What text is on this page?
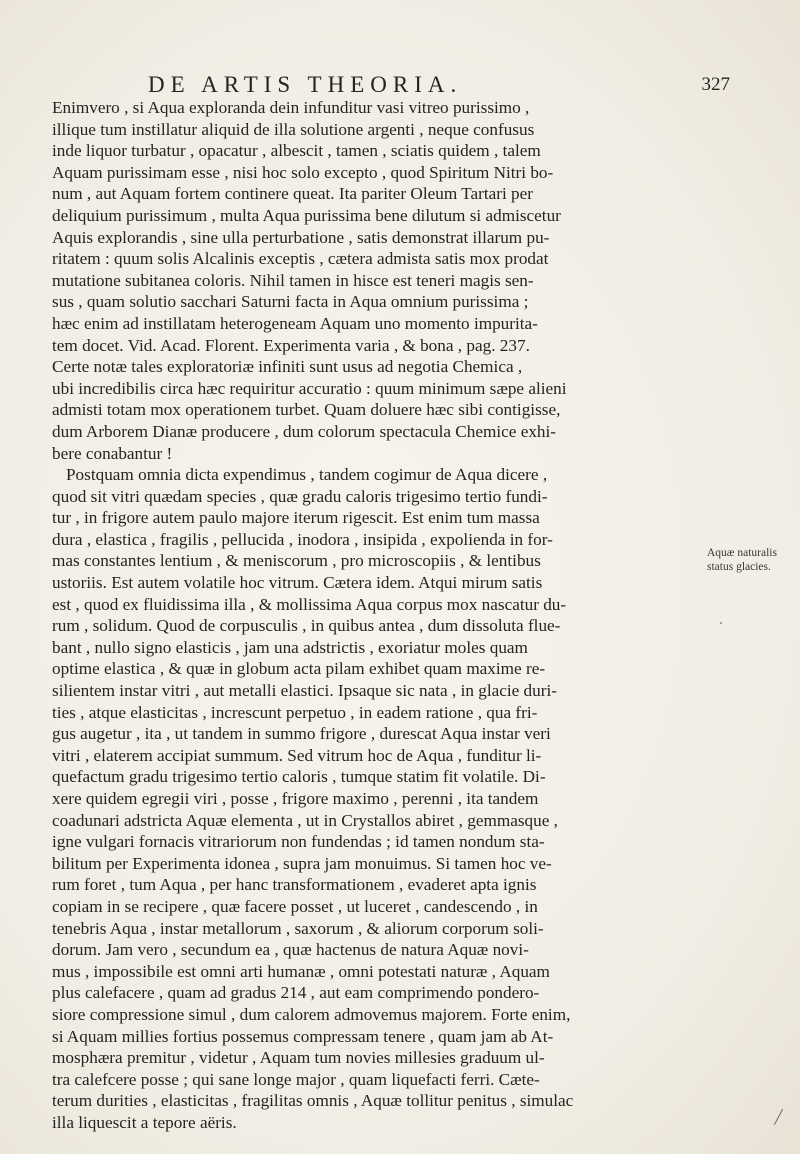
DE ARTIS THEORIA.	327
Enimvero , si Aqua exploranda dein infunditur vasi vitreo purissimo ,
illique tum instillatur aliquid de illa solutione argenti , neque confusus
inde liquor turbatur , opacatur , albescit , tamen , sciatis quidem , talem
Aquam purissimam esse , nisi hoc solo excepto , quod Spiritum Nitri bo-
num , aut Aquam fortem continere queat. Ita pariter Oleum Tartari per
deliquium purissimum , multa Aqua purissima bene dilutum si admiscetur
Aquis explorandis , sine ulla perturbatione , satis demonstrat illarum pu-
ritatem : quum solis Alcalinis exceptis , cætera admista satis mox prodat
mutatione subitanea coloris. Nihil tamen in hisce est teneri magis sen-
sus , quam solutio sacchari Saturni facta in Aqua omnium purissima ;
hæc enim ad instillatam heterogeneam Aquam uno momento impurita-
tem docet. Vid. Acad. Florent. Experimenta varia , & bona , pag. 237.
Certe notæ tales exploratoriæ infiniti sunt usus ad negotia Chemica ,
ubi incredibilis circa hæc requiritur accuratio : quum minimum sæpe alieni
admisti totam mox operationem turbet. Quam doluere hæc sibi contigisse,
dum Arborem Dianæ producere , dum colorum spectacula Chemice exhi-
bere conabantur !
Postquam omnia dicta expendimus , tandem cogimur de Aqua dicere ,
quod sit vitri quædam species , quæ gradu caloris trigesimo tertio fundi-
tur , in frigore autem paulo majore iterum rigescit. Est enim tum massa
dura , elastica , fragilis , pellucida , inodora , insipida , expolienda in for-
mas constantes lentium , & meniscorum , pro microscopiis , & lentibus
ustoriis. Est autem volatile hoc vitrum. Cætera idem. Atqui mirum satis
est , quod ex fluidissima illa , & mollissima Aqua corpus mox nascatur du-
rum , solidum. Quod de corpusculis , in quibus antea , dum dissoluta flue-
bant , nullo signo elasticis , jam una adstrictis , exoriatur moles quam
optime elastica , & quæ in globum acta pilam exhibet quam maxime re-
silientem instar vitri , aut metalli elastici. Ipsaque sic nata , in glacie duri-
ties , atque elasticitas , increscunt perpetuo , in eadem ratione , qua fri-
gus augetur , ita , ut tandem in summo frigore , durescat Aqua instar veri
vitri , elaterem accipiat summum. Sed vitrum hoc de Aqua , funditur li-
quefactum gradu trigesimo tertio caloris , tumque statim fit volatile. Di-
xere quidem egregii viri , posse , frigore maximo , perenni , ita tandem
coadunari adstricta Aquæ elementa , ut in Crystallos abiret , gemmasque ,
igne vulgari fornacis vitrariorum non fundendas ; id tamen nondum sta-
bilitum per Experimenta idonea , supra jam monuimus. Si tamen hoc ve-
rum foret , tum Aqua , per hanc transformationem , evaderet apta ignis
copiam in se recipere , quæ facere posset , ut luceret , candescendo , in
tenebris Aqua , instar metallorum , saxorum , & aliorum corporum soli-
dorum. Jam vero , secundum ea , quæ hactenus de natura Aquæ novi-
mus , impossibile est omni arti humanæ , omni potestati naturæ , Aquam
plus calefacere , quam ad gradus 214 , aut eam comprimendo pondero-
siore compressione simul , dum calorem admovemus majorem. Forte enim,
si Aquam millies fortius possemus compressam tenere , quam jam ab At-
mosphæra premitur , videtur , Aquam tum novies millesies graduum ul-
tra calefcere posse ; qui sane longe major , quam liquefacti ferri. Cæte-
terum durities , elasticitas , fragilitas omnis , Aquæ tollitur penitus , simulac
illa liquescit a tepore aëris.
Aquæ naturalis
status glacies.
